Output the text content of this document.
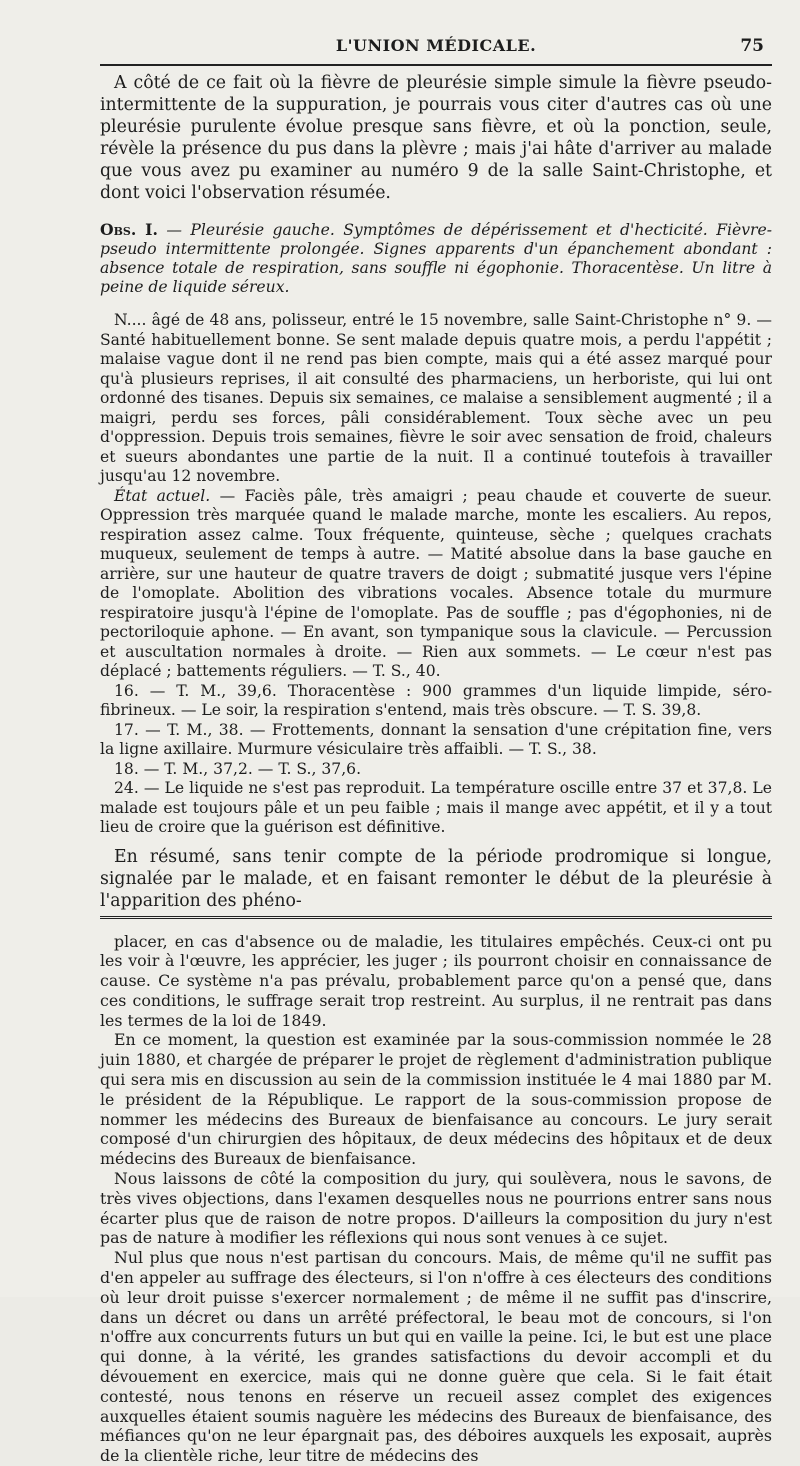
L'UNION MÉDICALE.	75

A côté de ce fait où la fièvre de pleurésie simple simule la fièvre pseudo-intermittente de la suppuration, je pourrais vous citer d'autres cas où une pleurésie purulente évolue presque sans fièvre, et où la ponction, seule, révèle la présence du pus dans la plèvre ; mais j'ai hâte d'arriver au malade que vous avez pu examiner au numéro 9 de la salle Saint-Christophe, et dont voici l'observation résumée.

Obs. I. — Pleurésie gauche. Symptômes de dépérissement et d'hecticité. Fièvre-pseudo intermittente prolongée. Signes apparents d'un épanchement abondant : absence totale de respiration, sans souffle ni égophonie. Thoracentèse. Un litre à peine de liquide séreux.

N.... âgé de 48 ans, polisseur, entré le 15 novembre, salle Saint-Christophe n° 9. — Santé habituellement bonne. Se sent malade depuis quatre mois, a perdu l'appétit ; malaise vague dont il ne rend pas bien compte, mais qui a été assez marqué pour qu'à plusieurs reprises, il ait consulté des pharmaciens, un herboriste, qui lui ont ordonné des tisanes. Depuis six semaines, ce malaise a sensiblement augmenté ; il a maigri, perdu ses forces, pâli considérablement. Toux sèche avec un peu d'oppression. Depuis trois semaines, fièvre le soir avec sensation de froid, chaleurs et sueurs abondantes une partie de la nuit. Il a continué toutefois à travailler jusqu'au 12 novembre.

État actuel. — Faciès pâle, très amaigri ; peau chaude et couverte de sueur. Oppression très marquée quand le malade marche, monte les escaliers. Au repos, respiration assez calme. Toux fréquente, quinteuse, sèche ; quelques crachats muqueux, seulement de temps à autre. — Matité absolue dans la base gauche en arrière, sur une hauteur de quatre travers de doigt ; submatité jusque vers l'épine de l'omoplate. Abolition des vibrations vocales. Absence totale du murmure respiratoire jusqu'à l'épine de l'omoplate. Pas de souffle ; pas d'égophonies, ni de pectoriloquie aphone. — En avant, son tympanique sous la clavicule. — Percussion et auscultation normales à droite. — Rien aux sommets. — Le cœur n'est pas déplacé ; battements réguliers. — T. S., 40.

16. — T. M., 39,6. Thoracentèse : 900 grammes d'un liquide limpide, séro-fibrineux. — Le soir, la respiration s'entend, mais très obscure. — T. S. 39,8.

17. — T. M., 38. — Frottements, donnant la sensation d'une crépitation fine, vers la ligne axillaire. Murmure vésiculaire très affaibli. — T. S., 38.

18. — T. M., 37,2. — T. S., 37,6.

24. — Le liquide ne s'est pas reproduit. La température oscille entre 37 et 37,8. Le malade est toujours pâle et un peu faible ; mais il mange avec appétit, et il y a tout lieu de croire que la guérison est définitive.

En résumé, sans tenir compte de la période prodromique si longue, signalée par le malade, et en faisant remonter le début de la pleurésie à l'apparition des phéno-

placer, en cas d'absence ou de maladie, les titulaires empêchés. Ceux-ci ont pu les voir à l'œuvre, les apprécier, les juger ; ils pourront choisir en connaissance de cause. Ce système n'a pas prévalu, probablement parce qu'on a pensé que, dans ces conditions, le suffrage serait trop restreint. Au surplus, il ne rentrait pas dans les termes de la loi de 1849.

En ce moment, la question est examinée par la sous-commission nommée le 28 juin 1880, et chargée de préparer le projet de règlement d'administration publique qui sera mis en discussion au sein de la commission instituée le 4 mai 1880 par M. le président de la République. Le rapport de la sous-commission propose de nommer les médecins des Bureaux de bienfaisance au concours. Le jury serait composé d'un chirurgien des hôpitaux, de deux médecins des hôpitaux et de deux médecins des Bureaux de bienfaisance.

Nous laissons de côté la composition du jury, qui soulèvera, nous le savons, de très vives objections, dans l'examen desquelles nous ne pourrions entrer sans nous écarter plus que de raison de notre propos. D'ailleurs la composition du jury n'est pas de nature à modifier les réflexions qui nous sont venues à ce sujet.

Nul plus que nous n'est partisan du concours. Mais, de même qu'il ne suffit pas d'en appeler au suffrage des électeurs, si l'on n'offre à ces électeurs des conditions où leur droit puisse s'exercer normalement ; de même il ne suffit pas d'inscrire, dans un décret ou dans un arrêté préfectoral, le beau mot de concours, si l'on n'offre aux concurrents futurs un but qui en vaille la peine. Ici, le but est une place qui donne, à la vérité, les grandes satisfactions du devoir accompli et du dévouement en exercice, mais qui ne donne guère que cela. Si le fait était contesté, nous tenons en réserve un recueil assez complet des exigences auxquelles étaient soumis naguère les médecins des Bureaux de bienfaisance, des méfiances qu'on ne leur épargnait pas, des déboires auxquels les exposait, auprès de la clientèle riche, leur titre de médecins des
